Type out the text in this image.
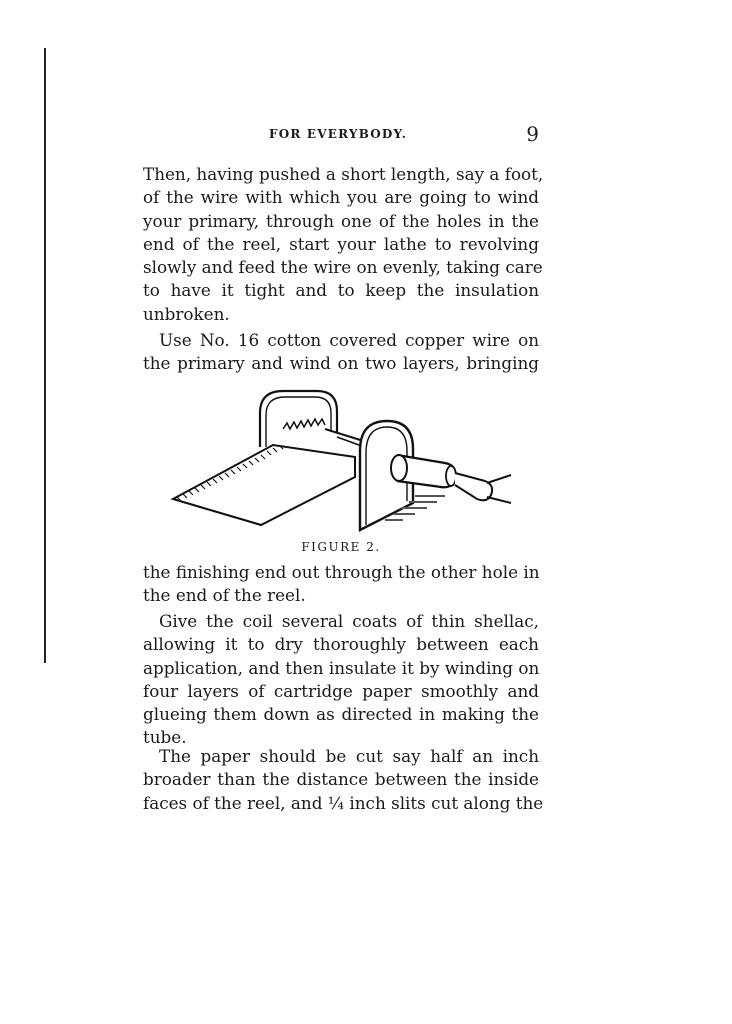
FOR EVERYBODY.	9
Then, having pushed a short length, say a foot,
of the wire with which you are going to wind
your primary, through one of the holes in the
end of the reel, start your lathe to revolving
slowly and feed the wire on evenly, taking care
to have it tight and to keep the insulation
unbroken.
Use No. 16 cotton covered copper wire on
the primary and wind on two layers, bringing
FIGURE 2.
the finishing end out through the other hole in
the end of the reel.
Give the coil several coats of thin shellac,
allowing it to dry thoroughly between each
application, and then insulate it by winding on
four layers of cartridge paper smoothly and
glueing them down as directed in making the
tube.
The paper should be cut say half an inch
broader than the distance between the inside
faces of the reel, and ¼ inch slits cut along the
